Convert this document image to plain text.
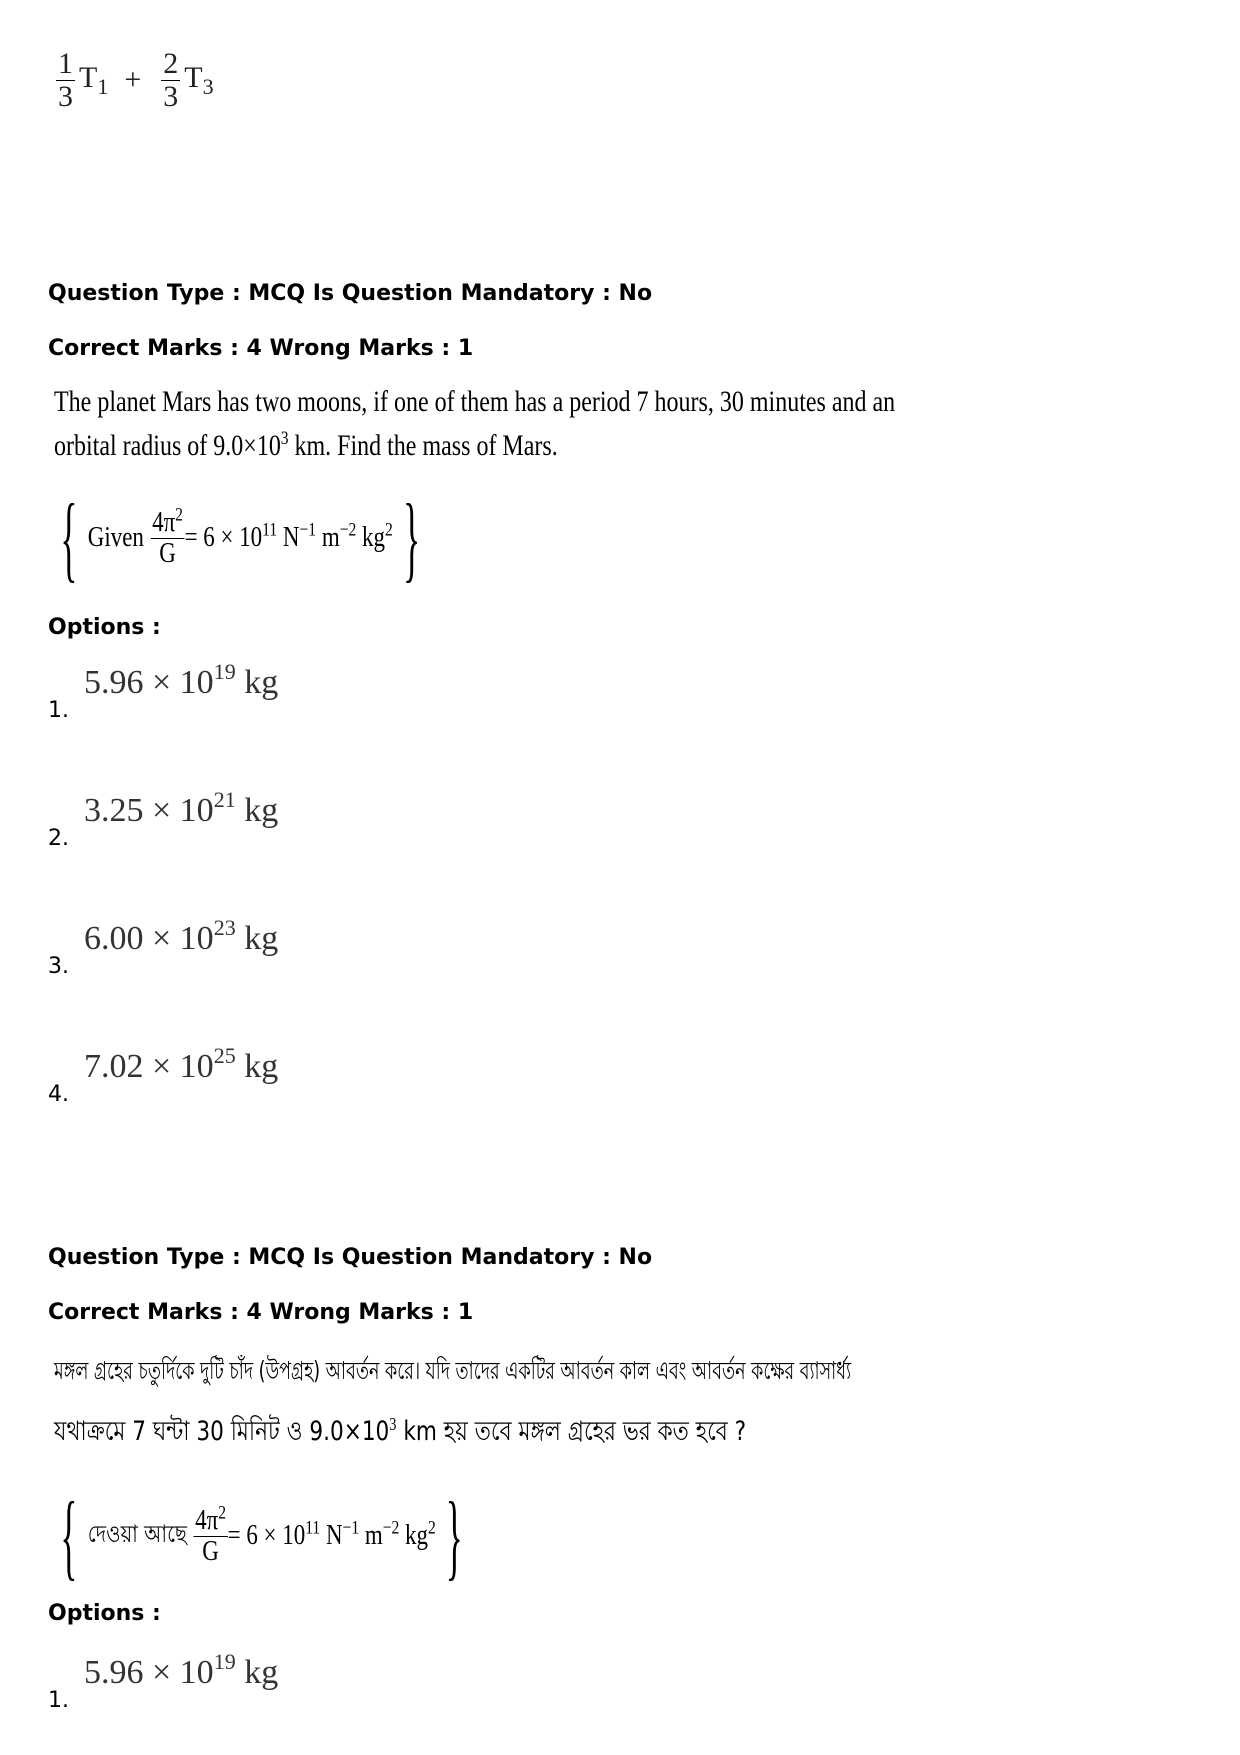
$\frac{1}{3} T_1 + \frac{2}{3} T_3$
Question Type : MCQ Is Question Mandatory : No
Correct Marks : 4 Wrong Marks : 1
The planet Mars has two moons, if one of them has a period 7 hours, 30 minutes and an
orbital radius of $9.0\times 10^3$ km. Find the mass of Mars.
{ Given $\frac{4\pi^2}{G} = 6 \times 10^{11}$ $N^{-1}$ $m^{-2}$ $kg^2$ }
Options :
1.
$5.96 \times 10^{19}$ kg
2.
$3.25 \times 10^{21}$ kg
3.
$6.00 \times 10^{23}$ kg
4.
$7.02 \times 10^{25}$ kg
Question Type : MCQ Is Question Mandatory : No
Correct Marks : 4 Wrong Marks : 1
মঙ্গল গ্রহের চতুর্দিকে দুটি চাঁদ (উপগ্রহ) আবর্তন করে। যদি তাদের একটির আবর্তন কাল এবং আবর্তন কক্ষের ব্যাসার্ধ্য
যথাক্রমে 7 ঘন্টা 30 মিনিট ও $9.0\times 10^3$ km হয় তবে মঙ্গল গ্রহের ভর কত হবে ?
{ দেওয়া আছে $\frac{4\pi^2}{G} = 6 \times 10^{11}$ $N^{-1}$ $m^{-2}$ $kg^2$ }
Options :
1.
$5.96 \times 10^{19}$ kg
